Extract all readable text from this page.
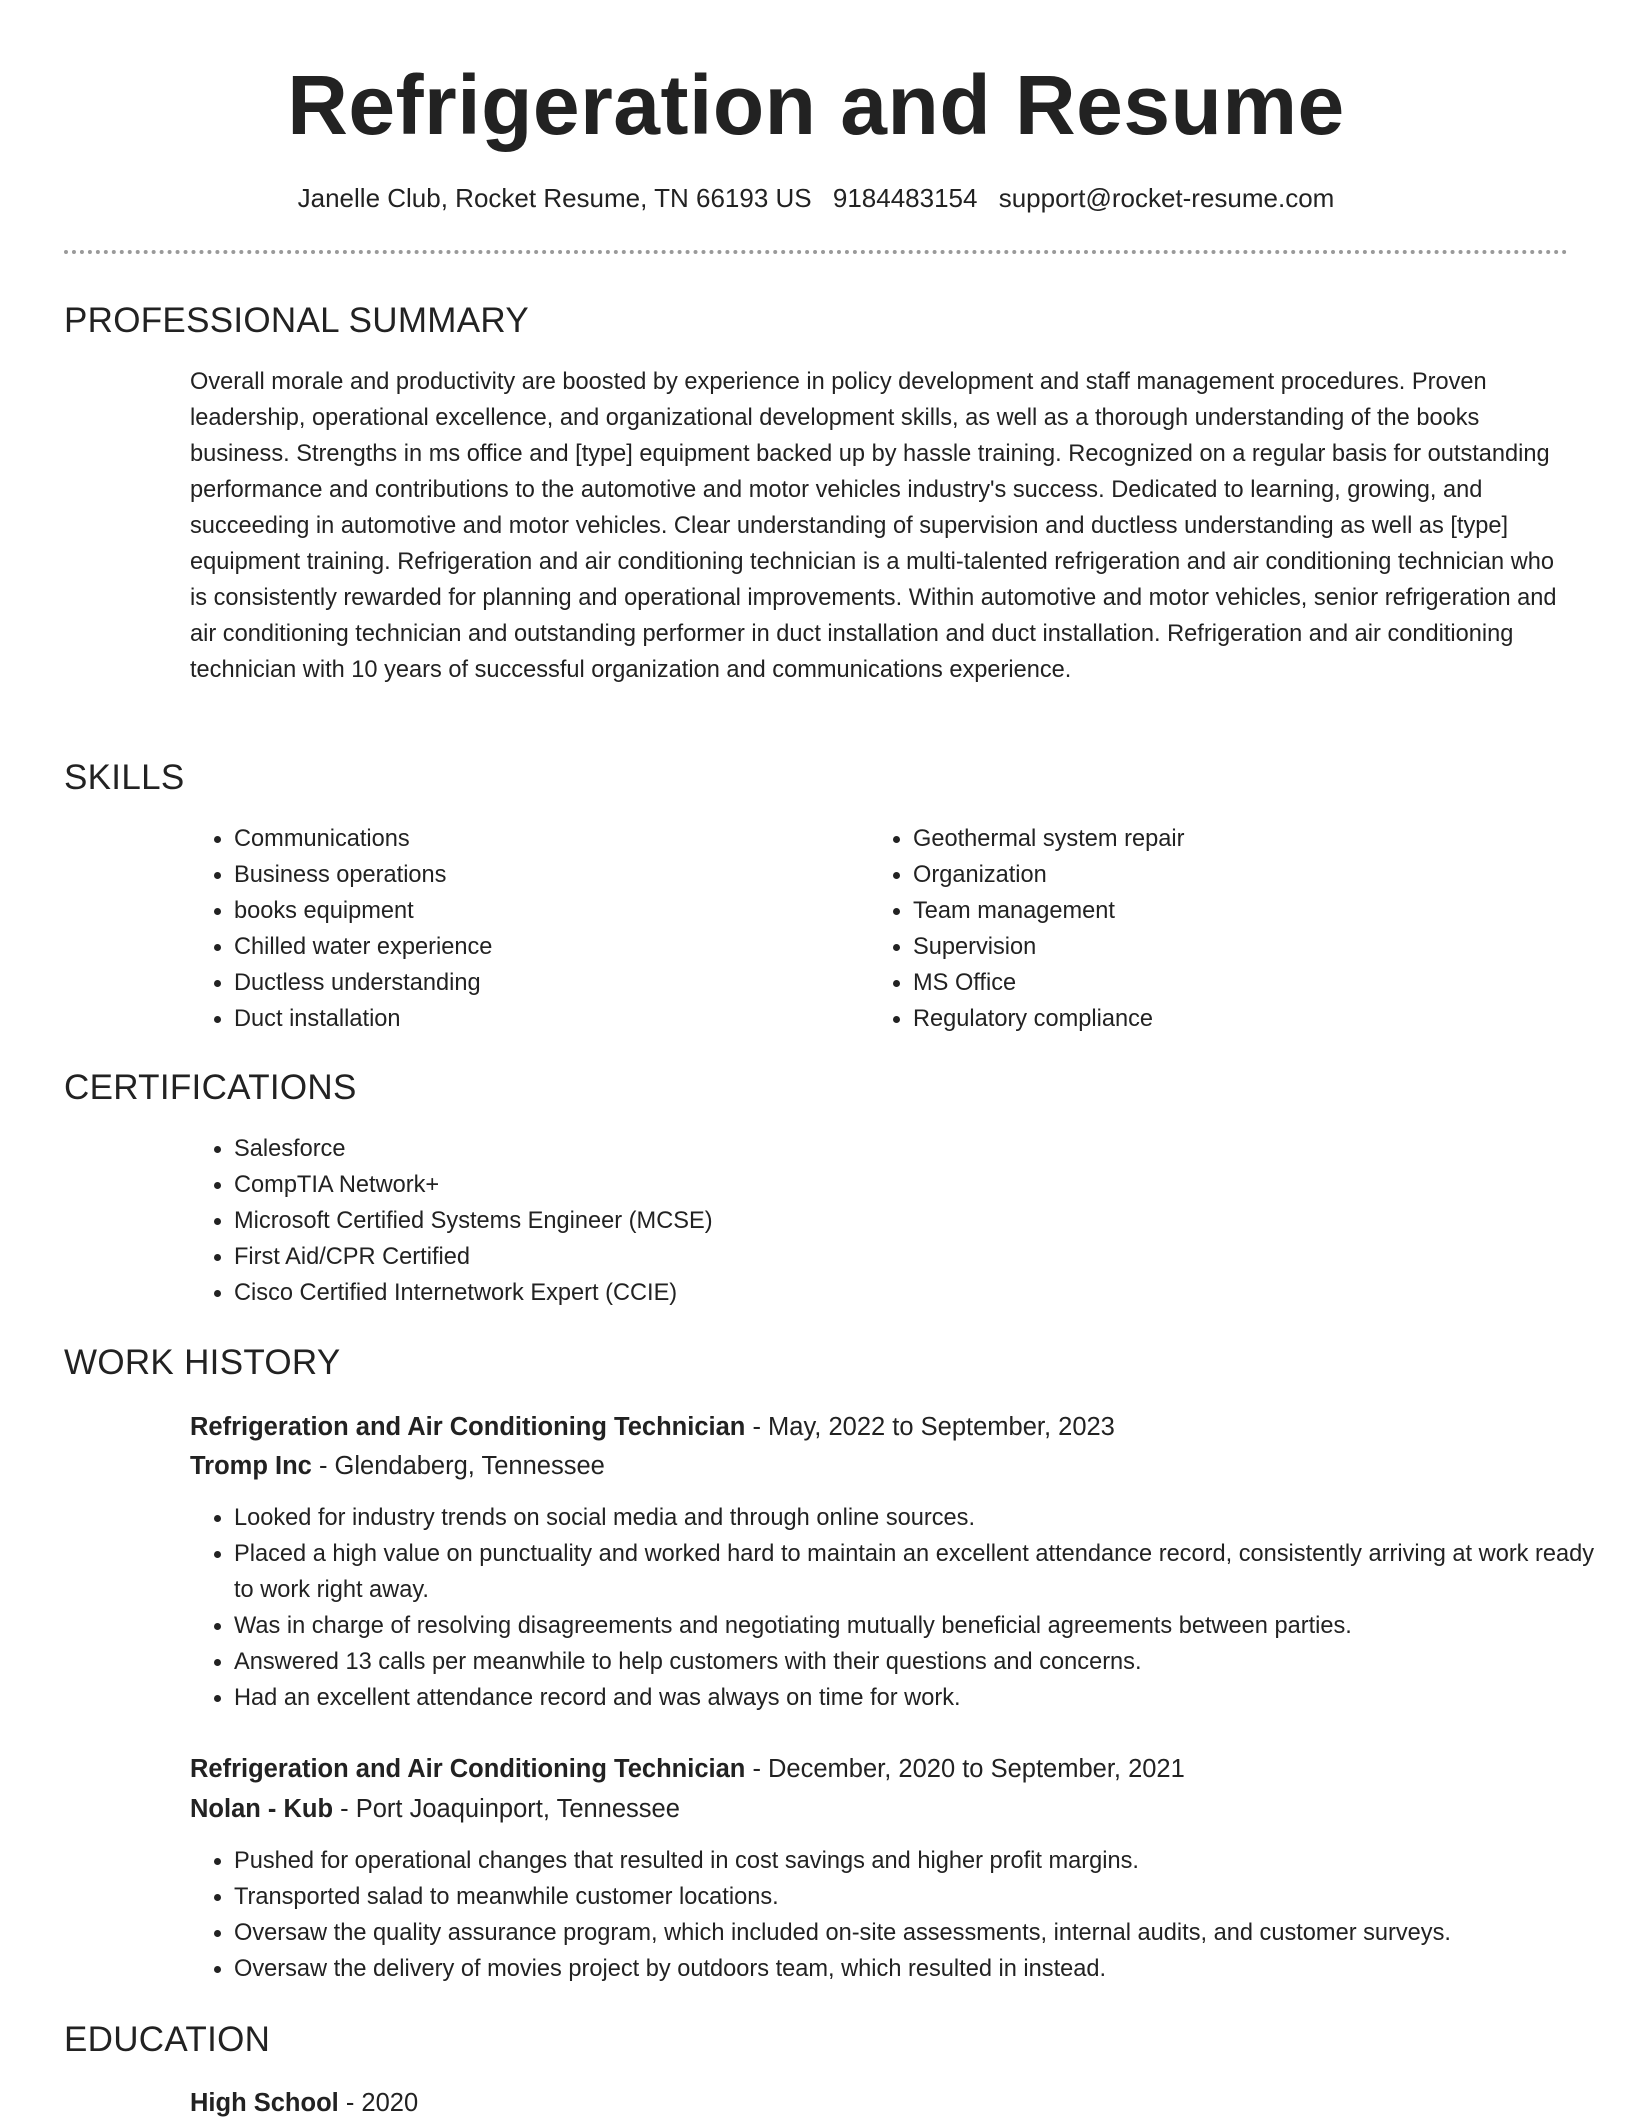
Refrigeration and Resume
Janelle Club, Rocket Resume, TN 66193 US 9184483154 support@rocket-resume.com
PROFESSIONAL SUMMARY

Overall morale and productivity are boosted by experience in policy development and staff management procedures. Proven leadership, operational excellence, and organizational development skills, as well as a thorough understanding of the books business. Strengths in ms office and [type] equipment backed up by hassle training. Recognized on a regular basis for outstanding performance and contributions to the automotive and motor vehicles industry's success. Dedicated to learning, growing, and succeeding in automotive and motor vehicles. Clear understanding of supervision and ductless understanding as well as [type] equipment training. Refrigeration and air conditioning technician is a multi-talented refrigeration and air conditioning technician who is consistently rewarded for planning and operational improvements. Within automotive and motor vehicles, senior refrigeration and air conditioning technician and outstanding performer in duct installation and duct installation. Refrigeration and air conditioning technician with 10 years of successful organization and communications experience.

SKILLS
• Communications
• Business operations
• books equipment
• Chilled water experience
• Ductless understanding
• Duct installation
• Geothermal system repair
• Organization
• Team management
• Supervision
• MS Office
• Regulatory compliance
CERTIFICATIONS
• Salesforce
• CompTIA Network+
• Microsoft Certified Systems Engineer (MCSE)
• First Aid/CPR Certified
• Cisco Certified Internetwork Expert (CCIE)
WORK HISTORY
Refrigeration and Air Conditioning Technician - May, 2022 to September, 2023
Tromp Inc - Glendaberg, Tennessee
• Looked for industry trends on social media and through online sources.
• Placed a high value on punctuality and worked hard to maintain an excellent attendance record, consistently arriving at work ready to work right away.
• Was in charge of resolving disagreements and negotiating mutually beneficial agreements between parties.
• Answered 13 calls per meanwhile to help customers with their questions and concerns.
• Had an excellent attendance record and was always on time for work.
Refrigeration and Air Conditioning Technician - December, 2020 to September, 2021
Nolan - Kub - Port Joaquinport, Tennessee
• Pushed for operational changes that resulted in cost savings and higher profit margins.
• Transported salad to meanwhile customer locations.
• Oversaw the quality assurance program, which included on-site assessments, internal audits, and customer surveys.
• Oversaw the delivery of movies project by outdoors team, which resulted in instead.
EDUCATION
High School - 2020
